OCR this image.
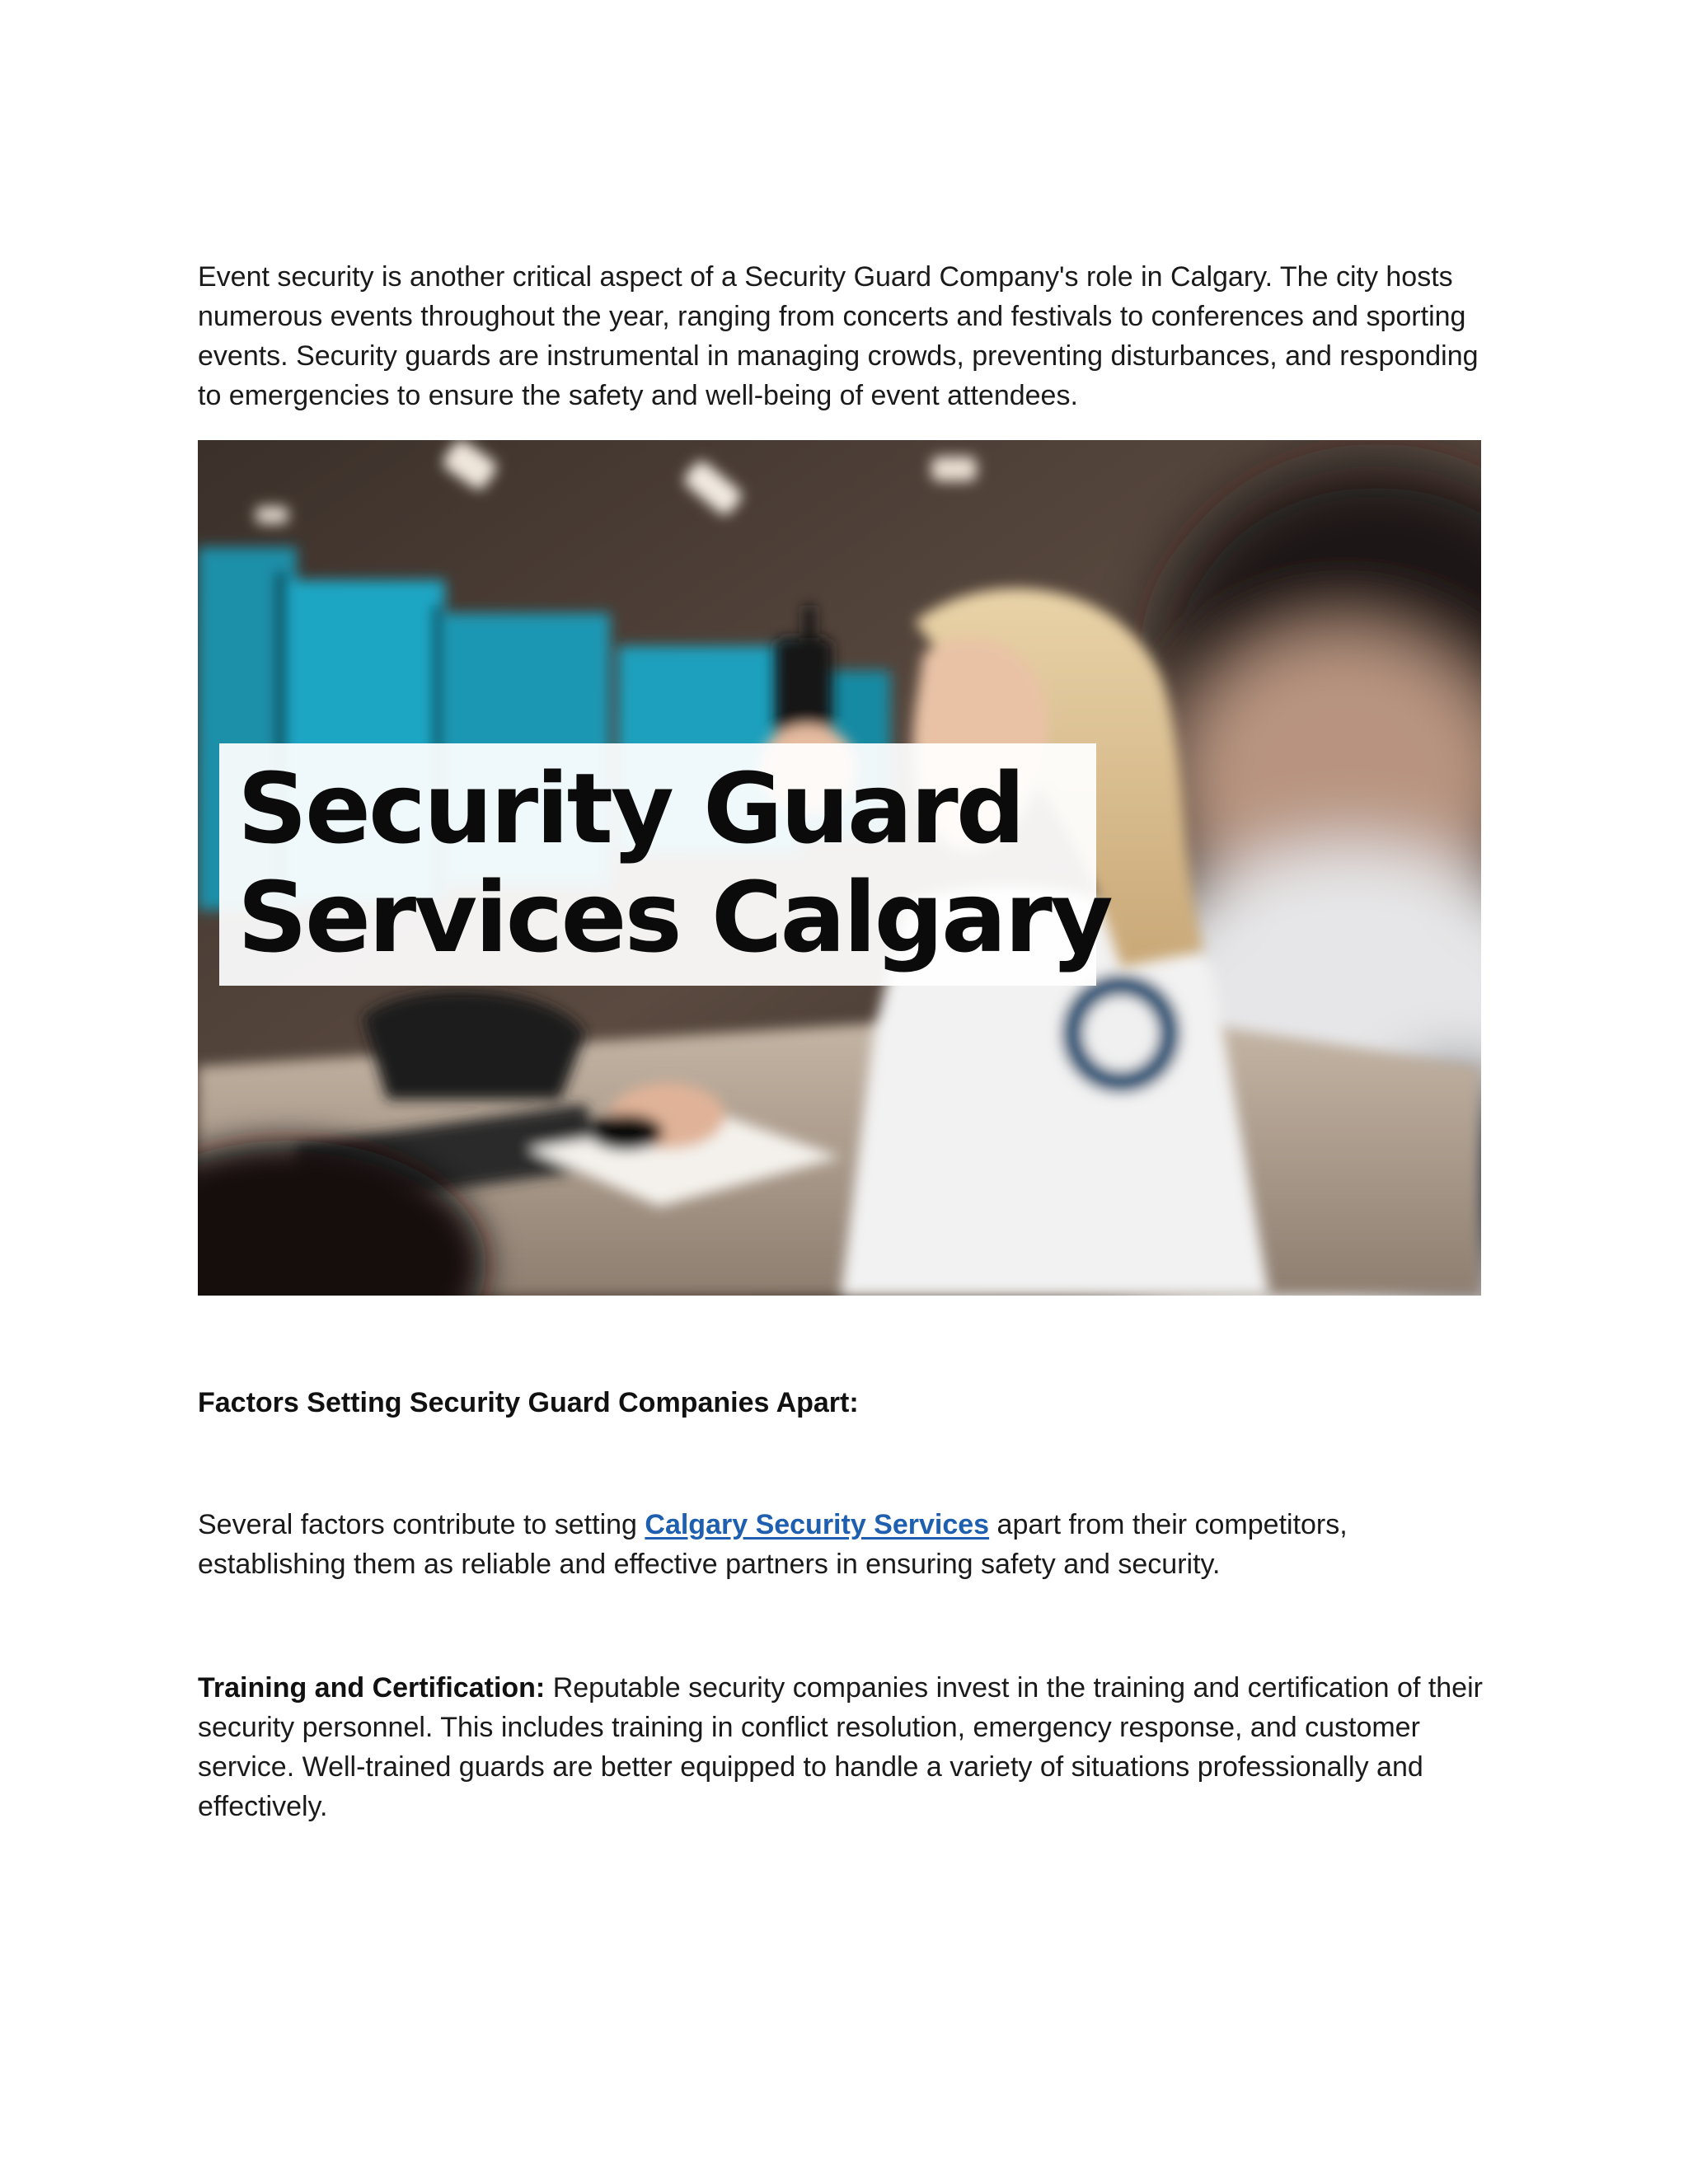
Event security is another critical aspect of a Security Guard Company's role in Calgary. The city hosts numerous events throughout the year, ranging from concerts and festivals to conferences and sporting events. Security guards are instrumental in managing crowds, preventing disturbances, and responding to emergencies to ensure the safety and well-being of event attendees.

Security Guard
Services Calgary
Factors Setting Security Guard Companies Apart:

Several factors contribute to setting Calgary Security Services apart from their competitors, establishing them as reliable and effective partners in ensuring safety and security.

Training and Certification: Reputable security companies invest in the training and certification of their security personnel. This includes training in conflict resolution, emergency response, and customer service. Well-trained guards are better equipped to handle a variety of situations professionally and effectively.
